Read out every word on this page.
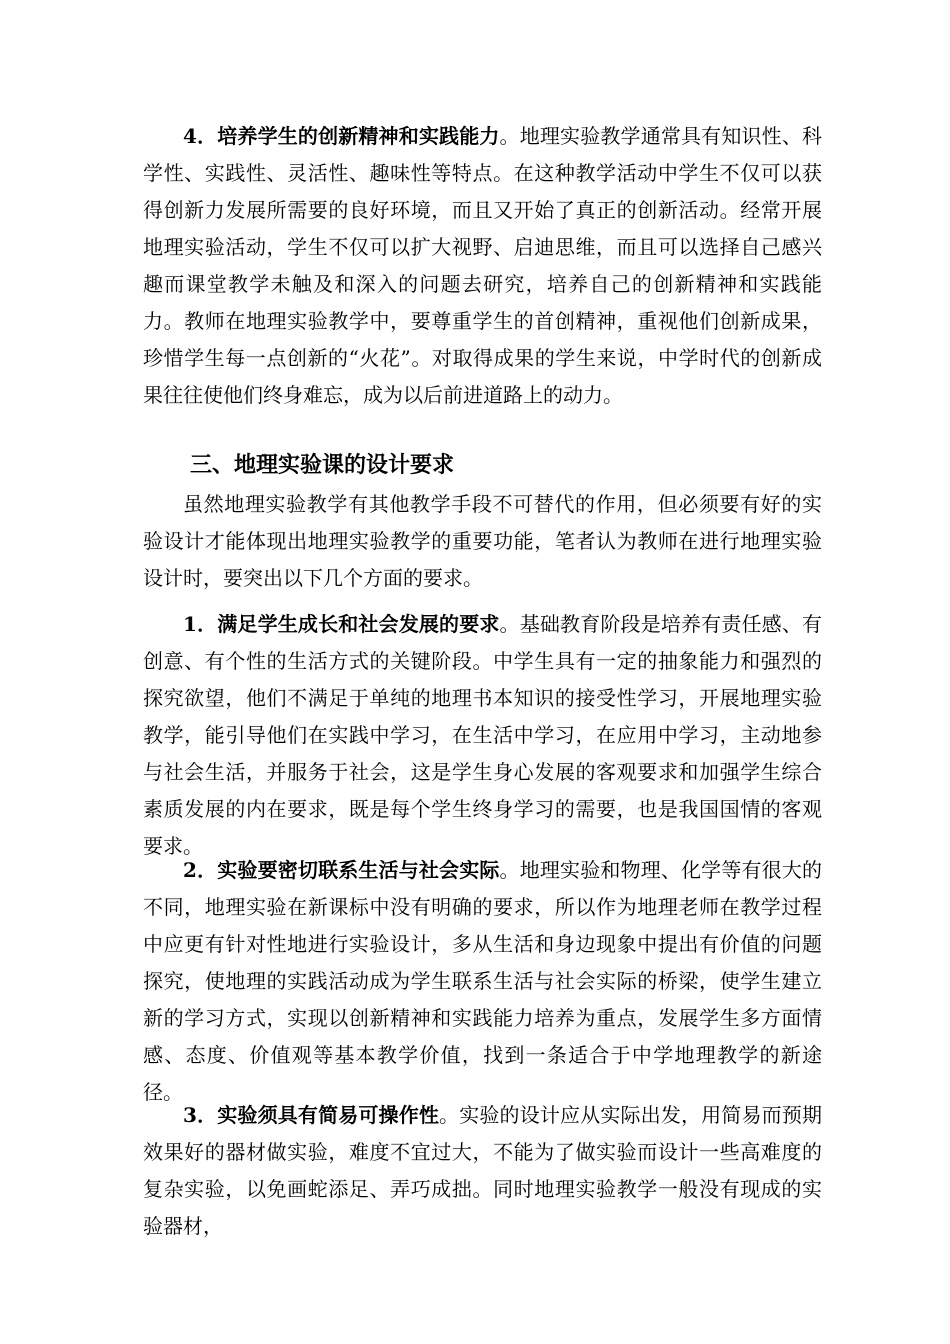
4．培养学生的创新精神和实践能力。地理实验教学通常具有知识性、科学性、实践性、灵活性、趣味性等特点。在这种教学活动中学生不仅可以获得创新力发展所需要的良好环境，而且又开始了真正的创新活动。经常开展地理实验活动，学生不仅可以扩大视野、启迪思维，而且可以选择自己感兴趣而课堂教学未触及和深入的问题去研究，培养自己的创新精神和实践能力。教师在地理实验教学中，要尊重学生的首创精神，重视他们创新成果，珍惜学生每一点创新的“火花”。对取得成果的学生来说，中学时代的创新成果往往使他们终身难忘，成为以后前进道路上的动力。

三、地理实验课的设计要求

虽然地理实验教学有其他教学手段不可替代的作用，但必须要有好的实验设计才能体现出地理实验教学的重要功能，笔者认为教师在进行地理实验设计时，要突出以下几个方面的要求。

1．满足学生成长和社会发展的要求。基础教育阶段是培养有责任感、有创意、有个性的生活方式的关键阶段。中学生具有一定的抽象能力和强烈的探究欲望，他们不满足于单纯的地理书本知识的接受性学习，开展地理实验教学，能引导他们在实践中学习，在生活中学习，在应用中学习，主动地参与社会生活，并服务于社会，这是学生身心发展的客观要求和加强学生综合素质发展的内在要求，既是每个学生终身学习的需要，也是我国国情的客观要求。

2．实验要密切联系生活与社会实际。地理实验和物理、化学等有很大的不同，地理实验在新课标中没有明确的要求，所以作为地理老师在教学过程中应更有针对性地进行实验设计，多从生活和身边现象中提出有价值的问题探究，使地理的实践活动成为学生联系生活与社会实际的桥梁，使学生建立新的学习方式，实现以创新精神和实践能力培养为重点，发展学生多方面情感、态度、价值观等基本教学价值，找到一条适合于中学地理教学的新途径。

3．实验须具有简易可操作性。实验的设计应从实际出发，用简易而预期效果好的器材做实验，难度不宜过大，不能为了做实验而设计一些高难度的复杂实验，以免画蛇添足、弄巧成拙。同时地理实验教学一般没有现成的实验器材，
